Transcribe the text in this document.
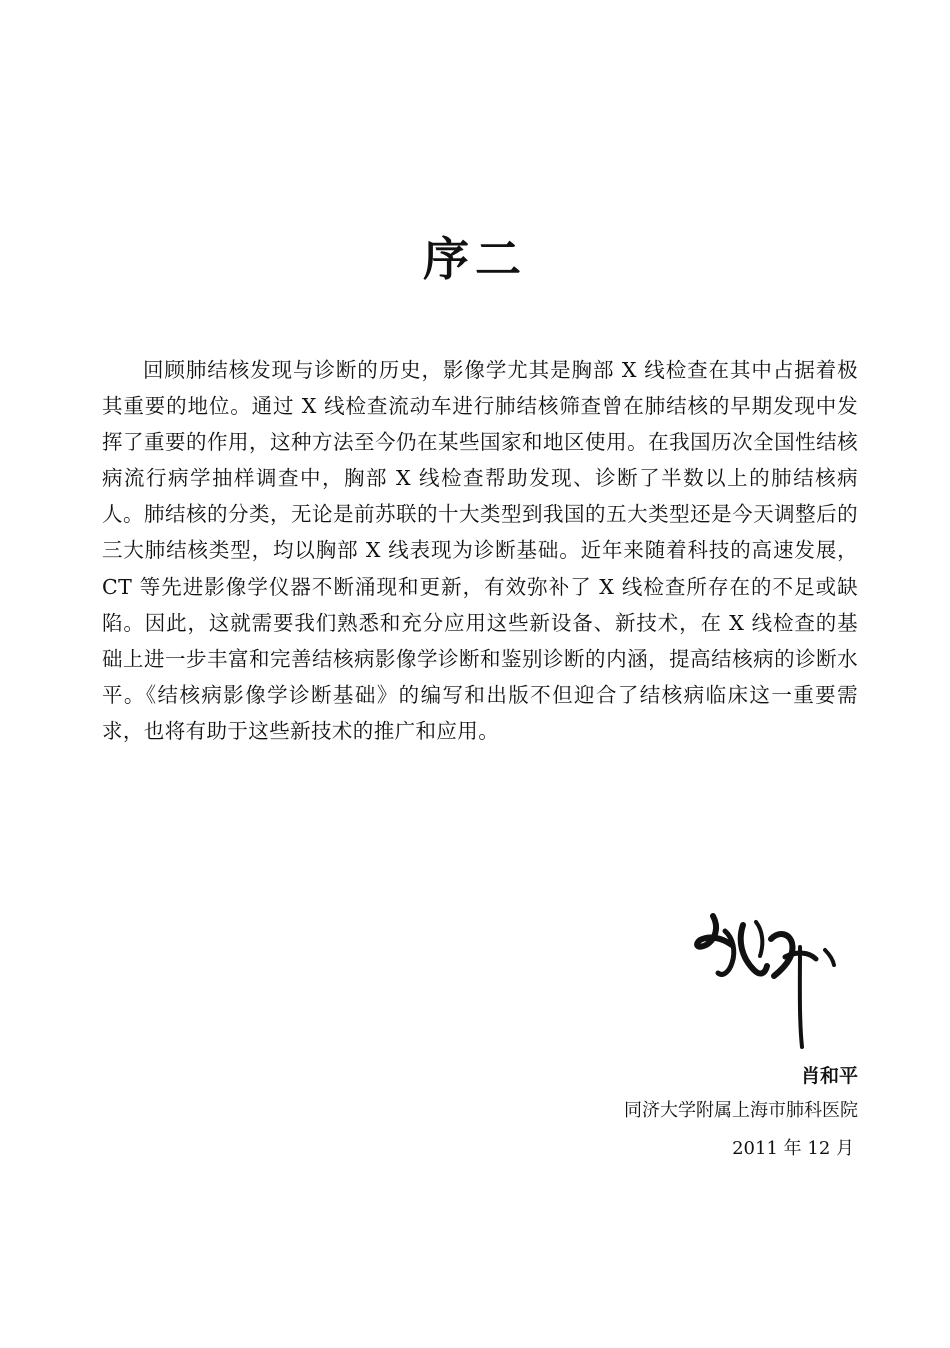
序二

回顾肺结核发现与诊断的历史，影像学尤其是胸部 X 线检查在其中占据着极其重要的地位。通过 X 线检查流动车进行肺结核筛查曾在肺结核的早期发现中发挥了重要的作用，这种方法至今仍在某些国家和地区使用。在我国历次全国性结核病流行病学抽样调查中，胸部 X 线检查帮助发现、诊断了半数以上的肺结核病人。肺结核的分类，无论是前苏联的十大类型到我国的五大类型还是今天调整后的三大肺结核类型，均以胸部 X 线表现为诊断基础。近年来随着科技的高速发展，CT 等先进影像学仪器不断涌现和更新，有效弥补了 X 线检查所存在的不足或缺陷。因此，这就需要我们熟悉和充分应用这些新设备、新技术，在 X 线检查的基础上进一步丰富和完善结核病影像学诊断和鉴别诊断的内涵，提高结核病的诊断水平。《结核病影像学诊断基础》的编写和出版不但迎合了结核病临床这一重要需求，也将有助于这些新技术的推广和应用。

肖和平
同济大学附属上海市肺科医院
2011 年 12 月
